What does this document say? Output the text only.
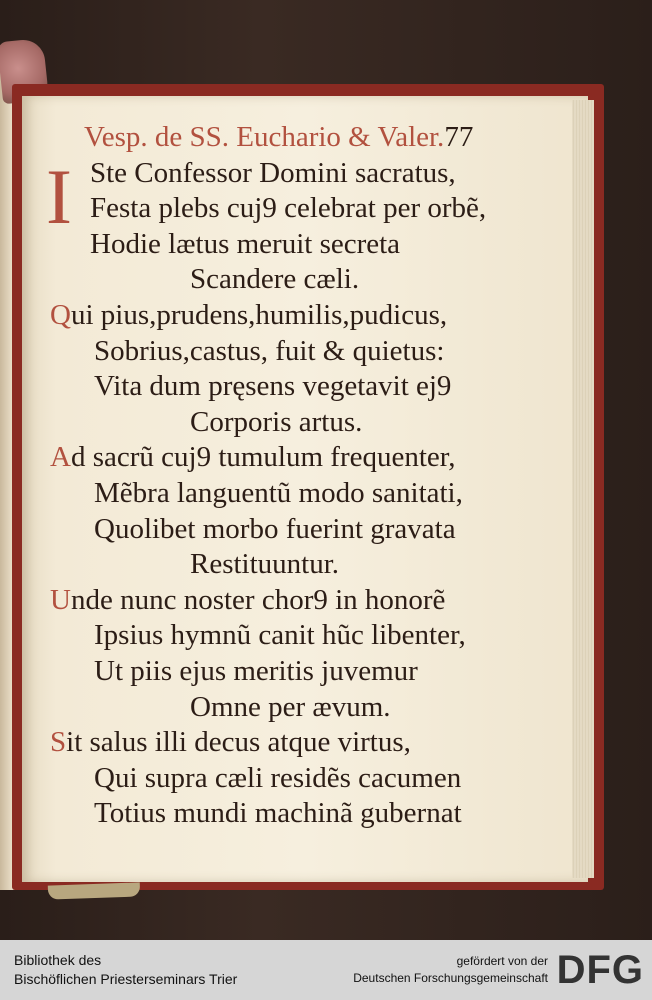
Vesp. de SS. Euchario & Valer.77
I Ste Confessor Domini sacratus,
Festa plebs cuj9 celebrat per orbẽ,
Hodie lætus meruit secreta
Scandere cæli.
Qui pius,prudens,humilis,pudicus,
Sobrius,castus, fuit & quietus:
Vita dum pręsens vegetavit ej9
Corporis artus.
Ad sacrũ cuj9 tumulum frequenter,
Mẽbra languentũ modo sanitati,
Quolibet morbo fuerint gravata
Restituuntur.
Unde nunc noster chor9 in honorẽ
Ipsius hymnũ canit hũc libenter,
Ut piis ejus meritis juvemur
Omne per ævum.
Sit salus illi decus atque virtus,
Qui supra cæli residẽs cacumen
Totius mundi machinã gubernat
Bibliothek des
Bischöflichen Priesterseminars Trier
gefördert von der
Deutschen Forschungsgemeinschaft DFG
